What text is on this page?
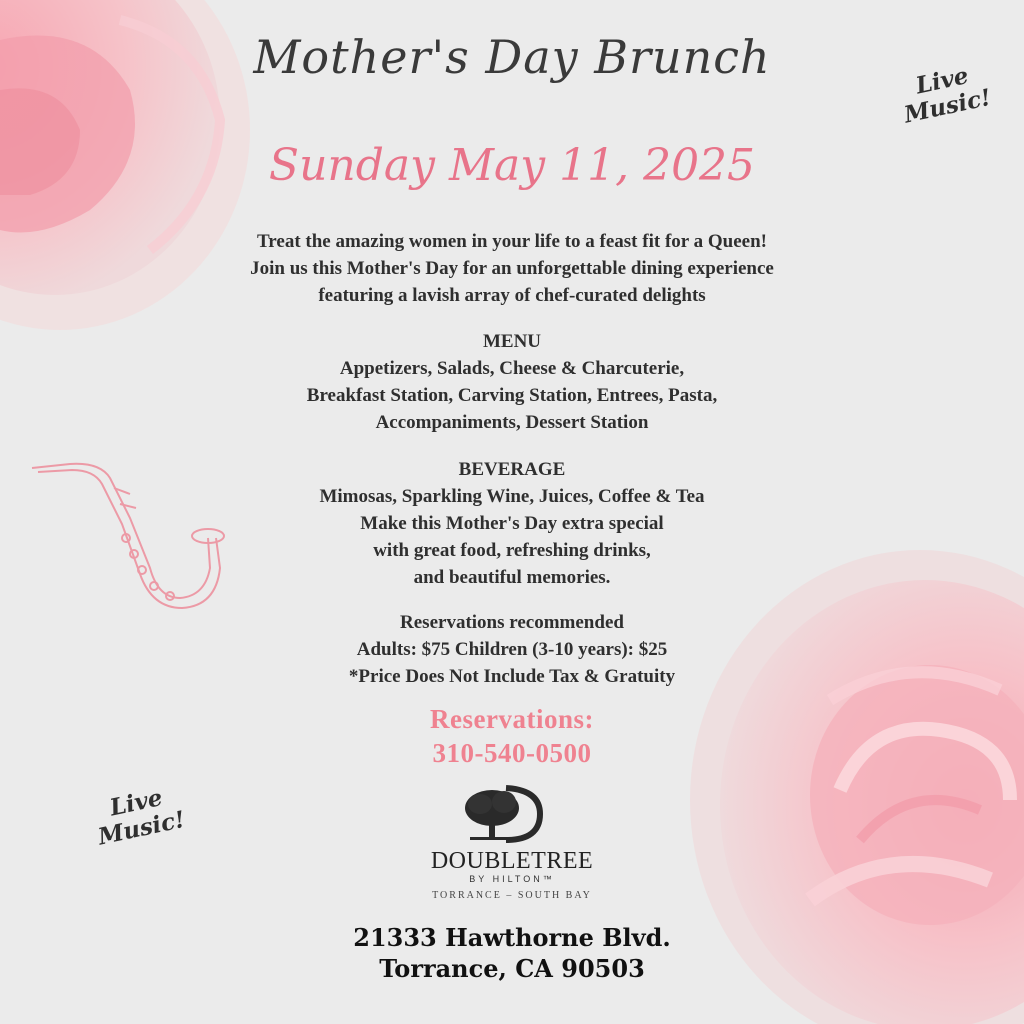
Mother's Day Brunch
Sunday May 11, 2025
Live Music!
Live Music!
Treat the amazing women in your life to a feast fit for a Queen!
Join us this Mother's Day for an unforgettable dining experience
featuring a lavish array of chef-curated delights
MENU
Appetizers, Salads, Cheese & Charcuterie,
Breakfast Station, Carving Station, Entrees, Pasta,
Accompaniments, Dessert Station
BEVERAGE
Mimosas, Sparkling Wine, Juices, Coffee & Tea
Make this Mother's Day extra special
with great food, refreshing drinks,
and beautiful memories.
Reservations recommended
Adults: $75 Children (3-10 years): $25
*Price Does Not Include Tax & Gratuity
Reservations:
310-540-0500
DOUBLETREE
BY HILTON™
TORRANCE – SOUTH BAY
21333 Hawthorne Blvd.
Torrance, CA 90503
